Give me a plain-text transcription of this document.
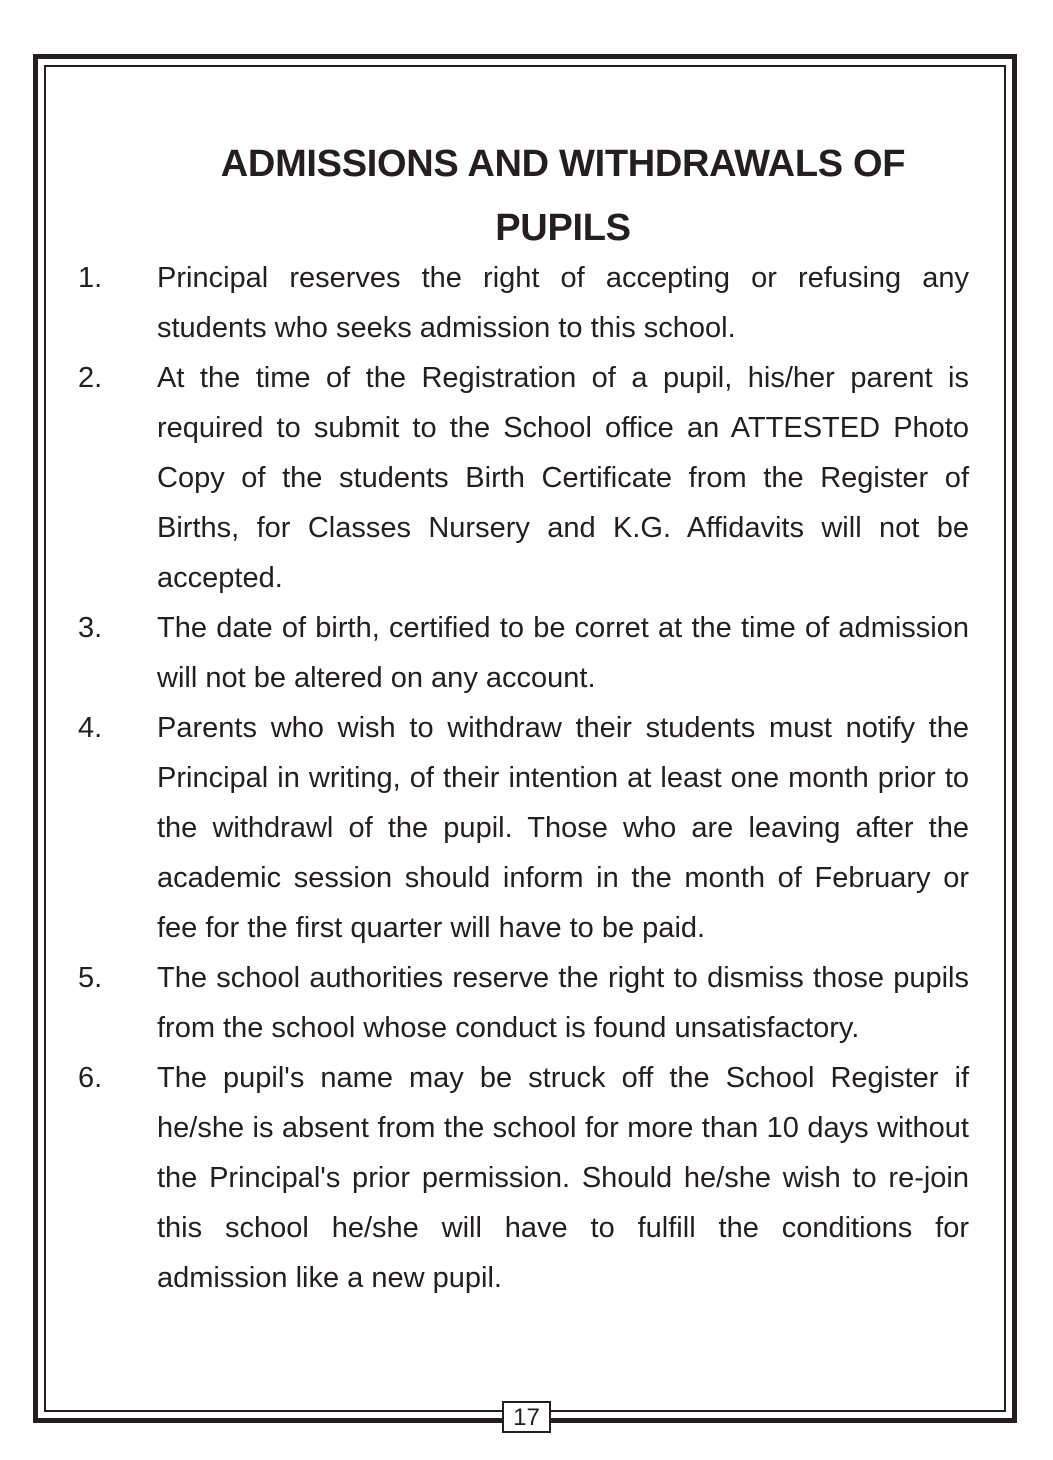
ADMISSIONS AND WITHDRAWALS OF
PUPILS
1. Principal reserves the right of accepting or refusing any students who seeks admission to this school.
2. At the time of the Registration of a pupil, his/her parent is required to submit to the School office an ATTESTED Photo Copy of the students Birth Certificate from the Register of Births, for Classes Nursery and K.G. Affidavits will not be accepted.
3. The date of birth, certified to be corret at the time of admission will not be altered on any account.
4. Parents who wish to withdraw their students must notify the Principal in writing, of their intention at least one month prior to the withdrawl of the pupil. Those who are leaving after the academic session should inform in the month of February or fee for the first quarter will have to be paid.
5. The school authorities reserve the right to dismiss those pupils from the school whose conduct is found unsatisfactory.
6. The pupil's name may be struck off the School Register if he/she is absent from the school for more than 10 days without the Principal's prior permission. Should he/she wish to re-join this school he/she will have to fulfill the conditions for admission like a new pupil.
17
